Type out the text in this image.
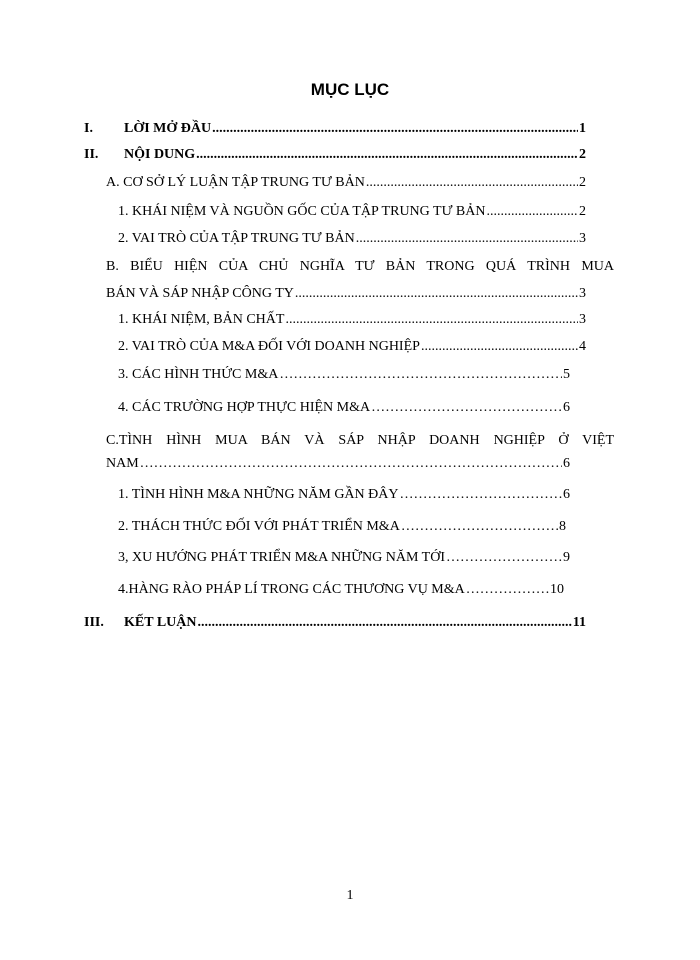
MỤC LỤC
I.	LỜI MỞ ĐẦU .....	1
II.	NỘI DUNG .....	2
A. CƠ SỞ LÝ LUẬN TẬP TRUNG TƯ BẢN .....	2
1. KHÁI NIỆM VÀ NGUỒN GỐC CỦA TẬP TRUNG TƯ BẢN .....	2
2. VAI TRÒ CỦA TẬP TRUNG TƯ BẢN .....	3
B. BIỂU HIỆN CỦA CHỦ NGHĨA TƯ BẢN TRONG QUÁ TRÌNH MUA
BÁN VÀ SÁP NHẬP CÔNG TY .....	3
1. KHÁI NIỆM, BẢN CHẤT .....	3
2. VAI TRÒ CỦA M&A ĐỐI VỚI DOANH NGHIỆP .....	4
3. CÁC HÌNH THỨC M&A ……………………………………………………………………………………………………………………………………………………	5
4. CÁC TRƯỜNG HỢP THỰC HIỆN M&A ……………………………………………………………………………………………………………………………………………………	6
C.TÌNH HÌNH MUA BÁN VÀ SÁP NHẬP DOANH NGHIỆP Ở VIỆT
NAM ……………………………………………………………………………………………………………………………………………………	6
1. TÌNH HÌNH M&A NHỮNG NĂM GẦN ĐÂY ……………………………………………………………………………………………………………………………………………………	6
2. THÁCH THỨC ĐỐI VỚI PHÁT TRIỂN M&A ……………………………………………………………………………………………………………………………………………………	8
3, XU HƯỚNG PHÁT TRIỂN M&A NHỮNG NĂM TỚI ……………………………………………………………………………………………………………………………………………………	9
4.HÀNG RÀO PHÁP LÍ TRONG CÁC THƯƠNG VỤ M&A ……………………………………………………………………………………………………………………………………………………	10
III.	KẾT LUẬN .....	11
1
